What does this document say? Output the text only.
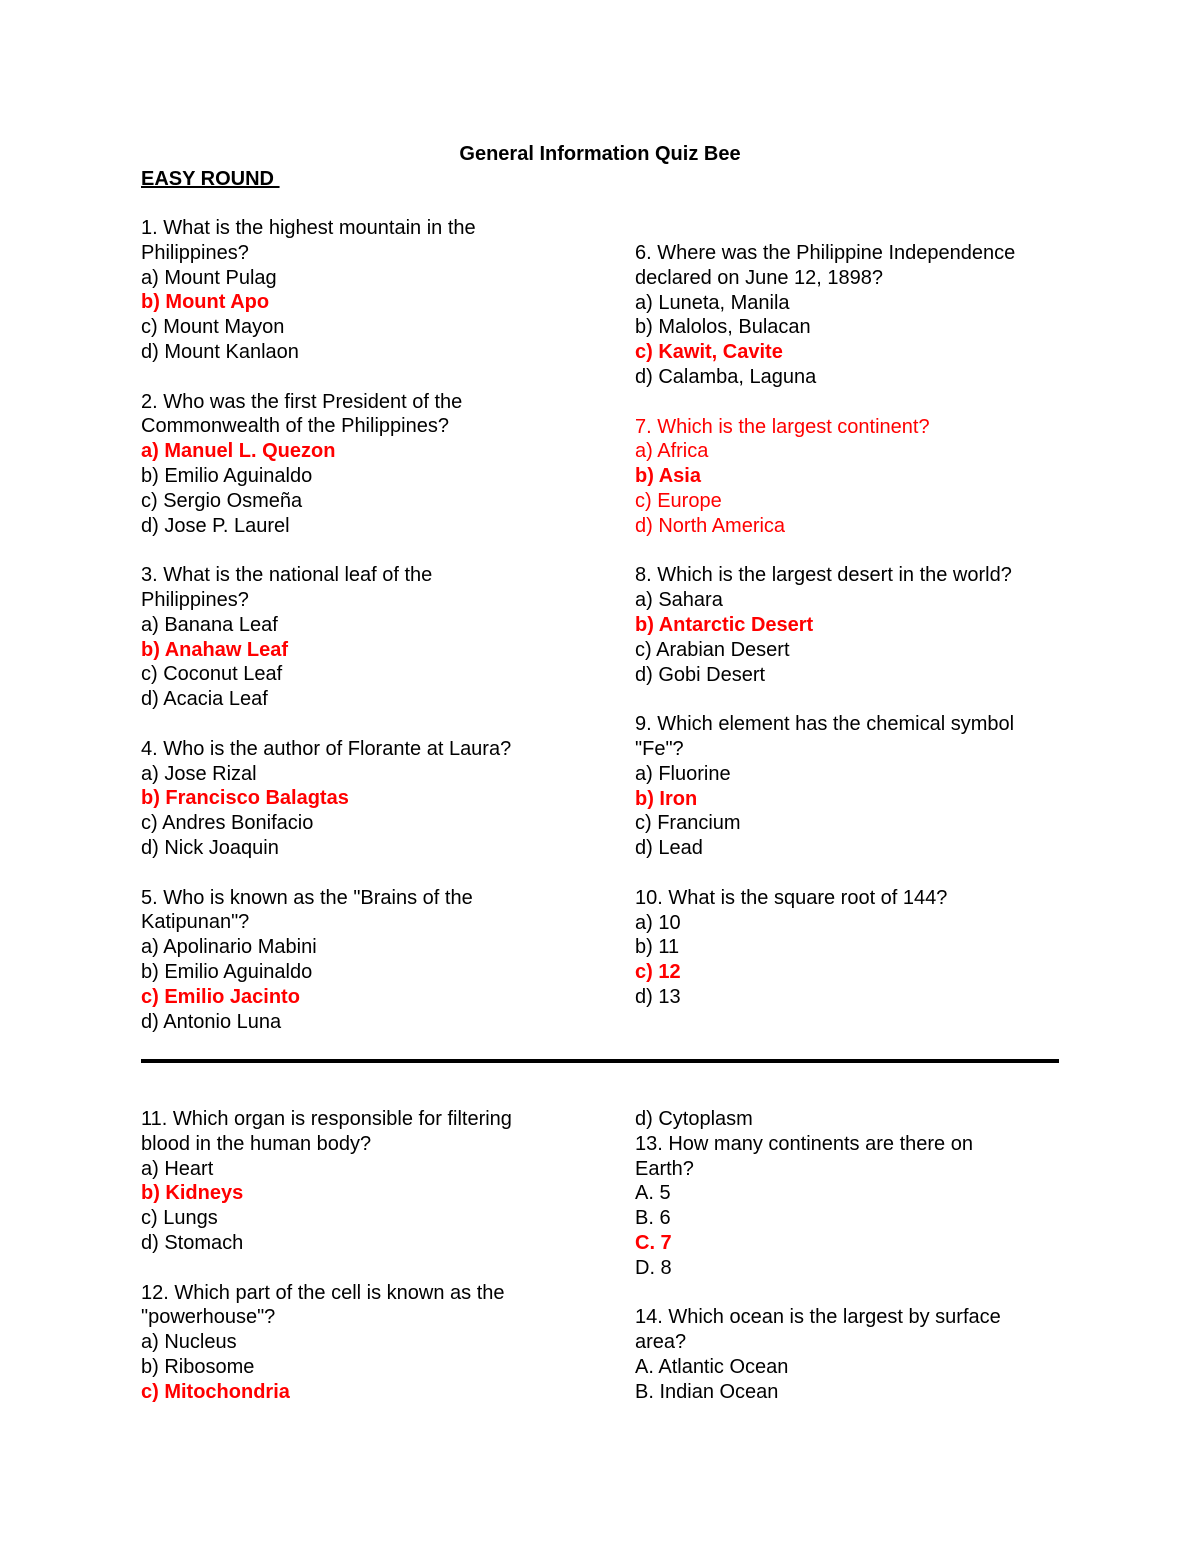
General Information Quiz Bee
EASY ROUND
1. What is the highest mountain in the
Philippines?
a) Mount Pulag
b) Mount Apo
c) Mount Mayon
d) Mount Kanlaon
2. Who was the first President of the
Commonwealth of the Philippines?
a) Manuel L. Quezon
b) Emilio Aguinaldo
c) Sergio Osmeña
d) Jose P. Laurel
3. What is the national leaf of the
Philippines?
a) Banana Leaf
b) Anahaw Leaf
c) Coconut Leaf
d) Acacia Leaf
4. Who is the author of Florante at Laura?
a) Jose Rizal
b) Francisco Balagtas
c) Andres Bonifacio
d) Nick Joaquin
5. Who is known as the "Brains of the
Katipunan"?
a) Apolinario Mabini
b) Emilio Aguinaldo
c) Emilio Jacinto
d) Antonio Luna
6. Where was the Philippine Independence
declared on June 12, 1898?
a) Luneta, Manila
b) Malolos, Bulacan
c) Kawit, Cavite
d) Calamba, Laguna
7. Which is the largest continent?
a) Africa
b) Asia
c) Europe
d) North America
8. Which is the largest desert in the world?
a) Sahara
b) Antarctic Desert
c) Arabian Desert
d) Gobi Desert
9. Which element has the chemical symbol
"Fe"?
a) Fluorine
b) Iron
c) Francium
d) Lead
10. What is the square root of 144?
a) 10
b) 11
c) 12
d) 13
11. Which organ is responsible for filtering
blood in the human body?
a) Heart
b) Kidneys
c) Lungs
d) Stomach
12. Which part of the cell is known as the
"powerhouse"?
a) Nucleus
b) Ribosome
c) Mitochondria
d) Cytoplasm
13. How many continents are there on
Earth?
A. 5
B. 6
C. 7
D. 8
14. Which ocean is the largest by surface
area?
A. Atlantic Ocean
B. Indian Ocean
